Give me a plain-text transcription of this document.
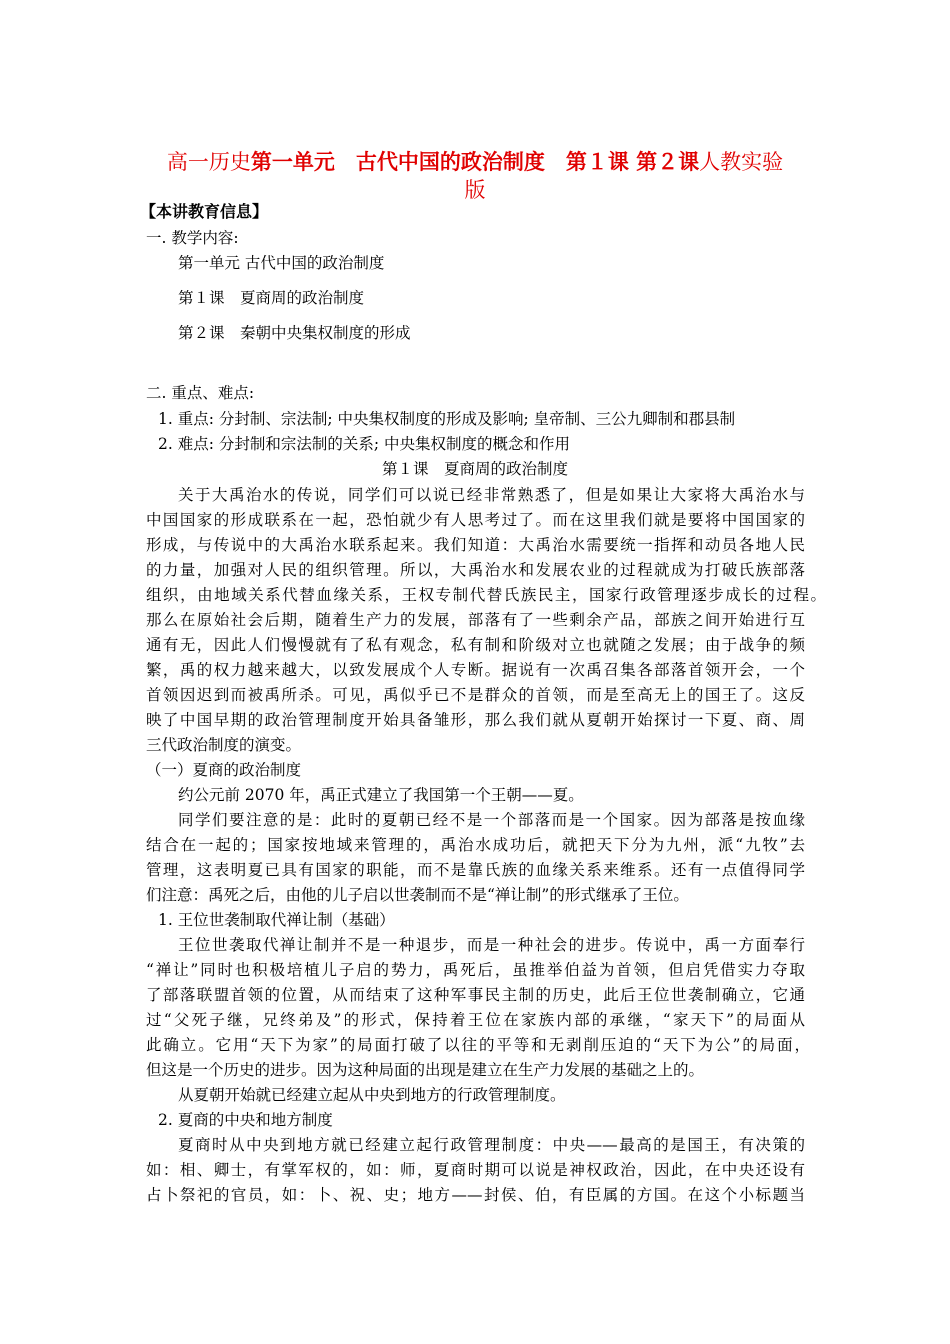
高一历史第一单元　古代中国的政治制度　第１课 第２课人教实验
版
【本讲教育信息】
一. 教学内容:
第一单元 古代中国的政治制度
第１课　夏商周的政治制度
第２课　秦朝中央集权制度的形成
二. 重点、难点:
1. 重点: 分封制、宗法制; 中央集权制度的形成及影响; 皇帝制、三公九卿制和郡县制
2. 难点: 分封制和宗法制的关系; 中央集权制度的概念和作用
第１课　夏商周的政治制度
关于大禹治水的传说，同学们可以说已经非常熟悉了，但是如果让大家将大禹治水与
中国国家的形成联系在一起，恐怕就少有人思考过了。而在这里我们就是要将中国国家的
形成，与传说中的大禹治水联系起来。我们知道：大禹治水需要统一指挥和动员各地人民
的力量，加强对人民的组织管理。所以，大禹治水和发展农业的过程就成为打破氏族部落
组织，由地域关系代替血缘关系，王权专制代替氏族民主，国家行政管理逐步成长的过程。
那么在原始社会后期，随着生产力的发展，部落有了一些剩余产品，部族之间开始进行互
通有无，因此人们慢慢就有了私有观念，私有制和阶级对立也就随之发展；由于战争的频
繁，禹的权力越来越大，以致发展成个人专断。据说有一次禹召集各部落首领开会，一个
首领因迟到而被禹所杀。可见，禹似乎已不是群众的首领，而是至高无上的国王了。这反
映了中国早期的政治管理制度开始具备雏形，那么我们就从夏朝开始探讨一下夏、商、周
三代政治制度的演变。
（一）夏商的政治制度
约公元前 2070 年，禹正式建立了我国第一个王朝——夏。
同学们要注意的是：此时的夏朝已经不是一个部落而是一个国家。因为部落是按血缘
结合在一起的；国家按地域来管理的，禹治水成功后，就把天下分为九州，派“九牧”去
管理，这表明夏已具有国家的职能，而不是靠氏族的血缘关系来维系。还有一点值得同学
们注意：禹死之后，由他的儿子启以世袭制而不是“禅让制”的形式继承了王位。
1. 王位世袭制取代禅让制（基础）
王位世袭取代禅让制并不是一种退步，而是一种社会的进步。传说中，禹一方面奉行
“禅让”同时也积极培植儿子启的势力，禹死后，虽推举伯益为首领，但启凭借实力夺取
了部落联盟首领的位置，从而结束了这种军事民主制的历史，此后王位世袭制确立，它通
过“父死子继，兄终弟及”的形式，保持着王位在家族内部的承继，“家天下”的局面从
此确立。它用“天下为家”的局面打破了以往的平等和无剥削压迫的“天下为公”的局面，
但这是一个历史的进步。因为这种局面的出现是建立在生产力发展的基础之上的。
从夏朝开始就已经建立起从中央到地方的行政管理制度。
2. 夏商的中央和地方制度
夏商时从中央到地方就已经建立起行政管理制度：中央——最高的是国王，有决策的
如：相、卿士，有掌军权的，如：师，夏商时期可以说是神权政治，因此，在中央还设有
占卜祭祀的官员，如：卜、祝、史；地方——封侯、伯，有臣属的方国。在这个小标题当
